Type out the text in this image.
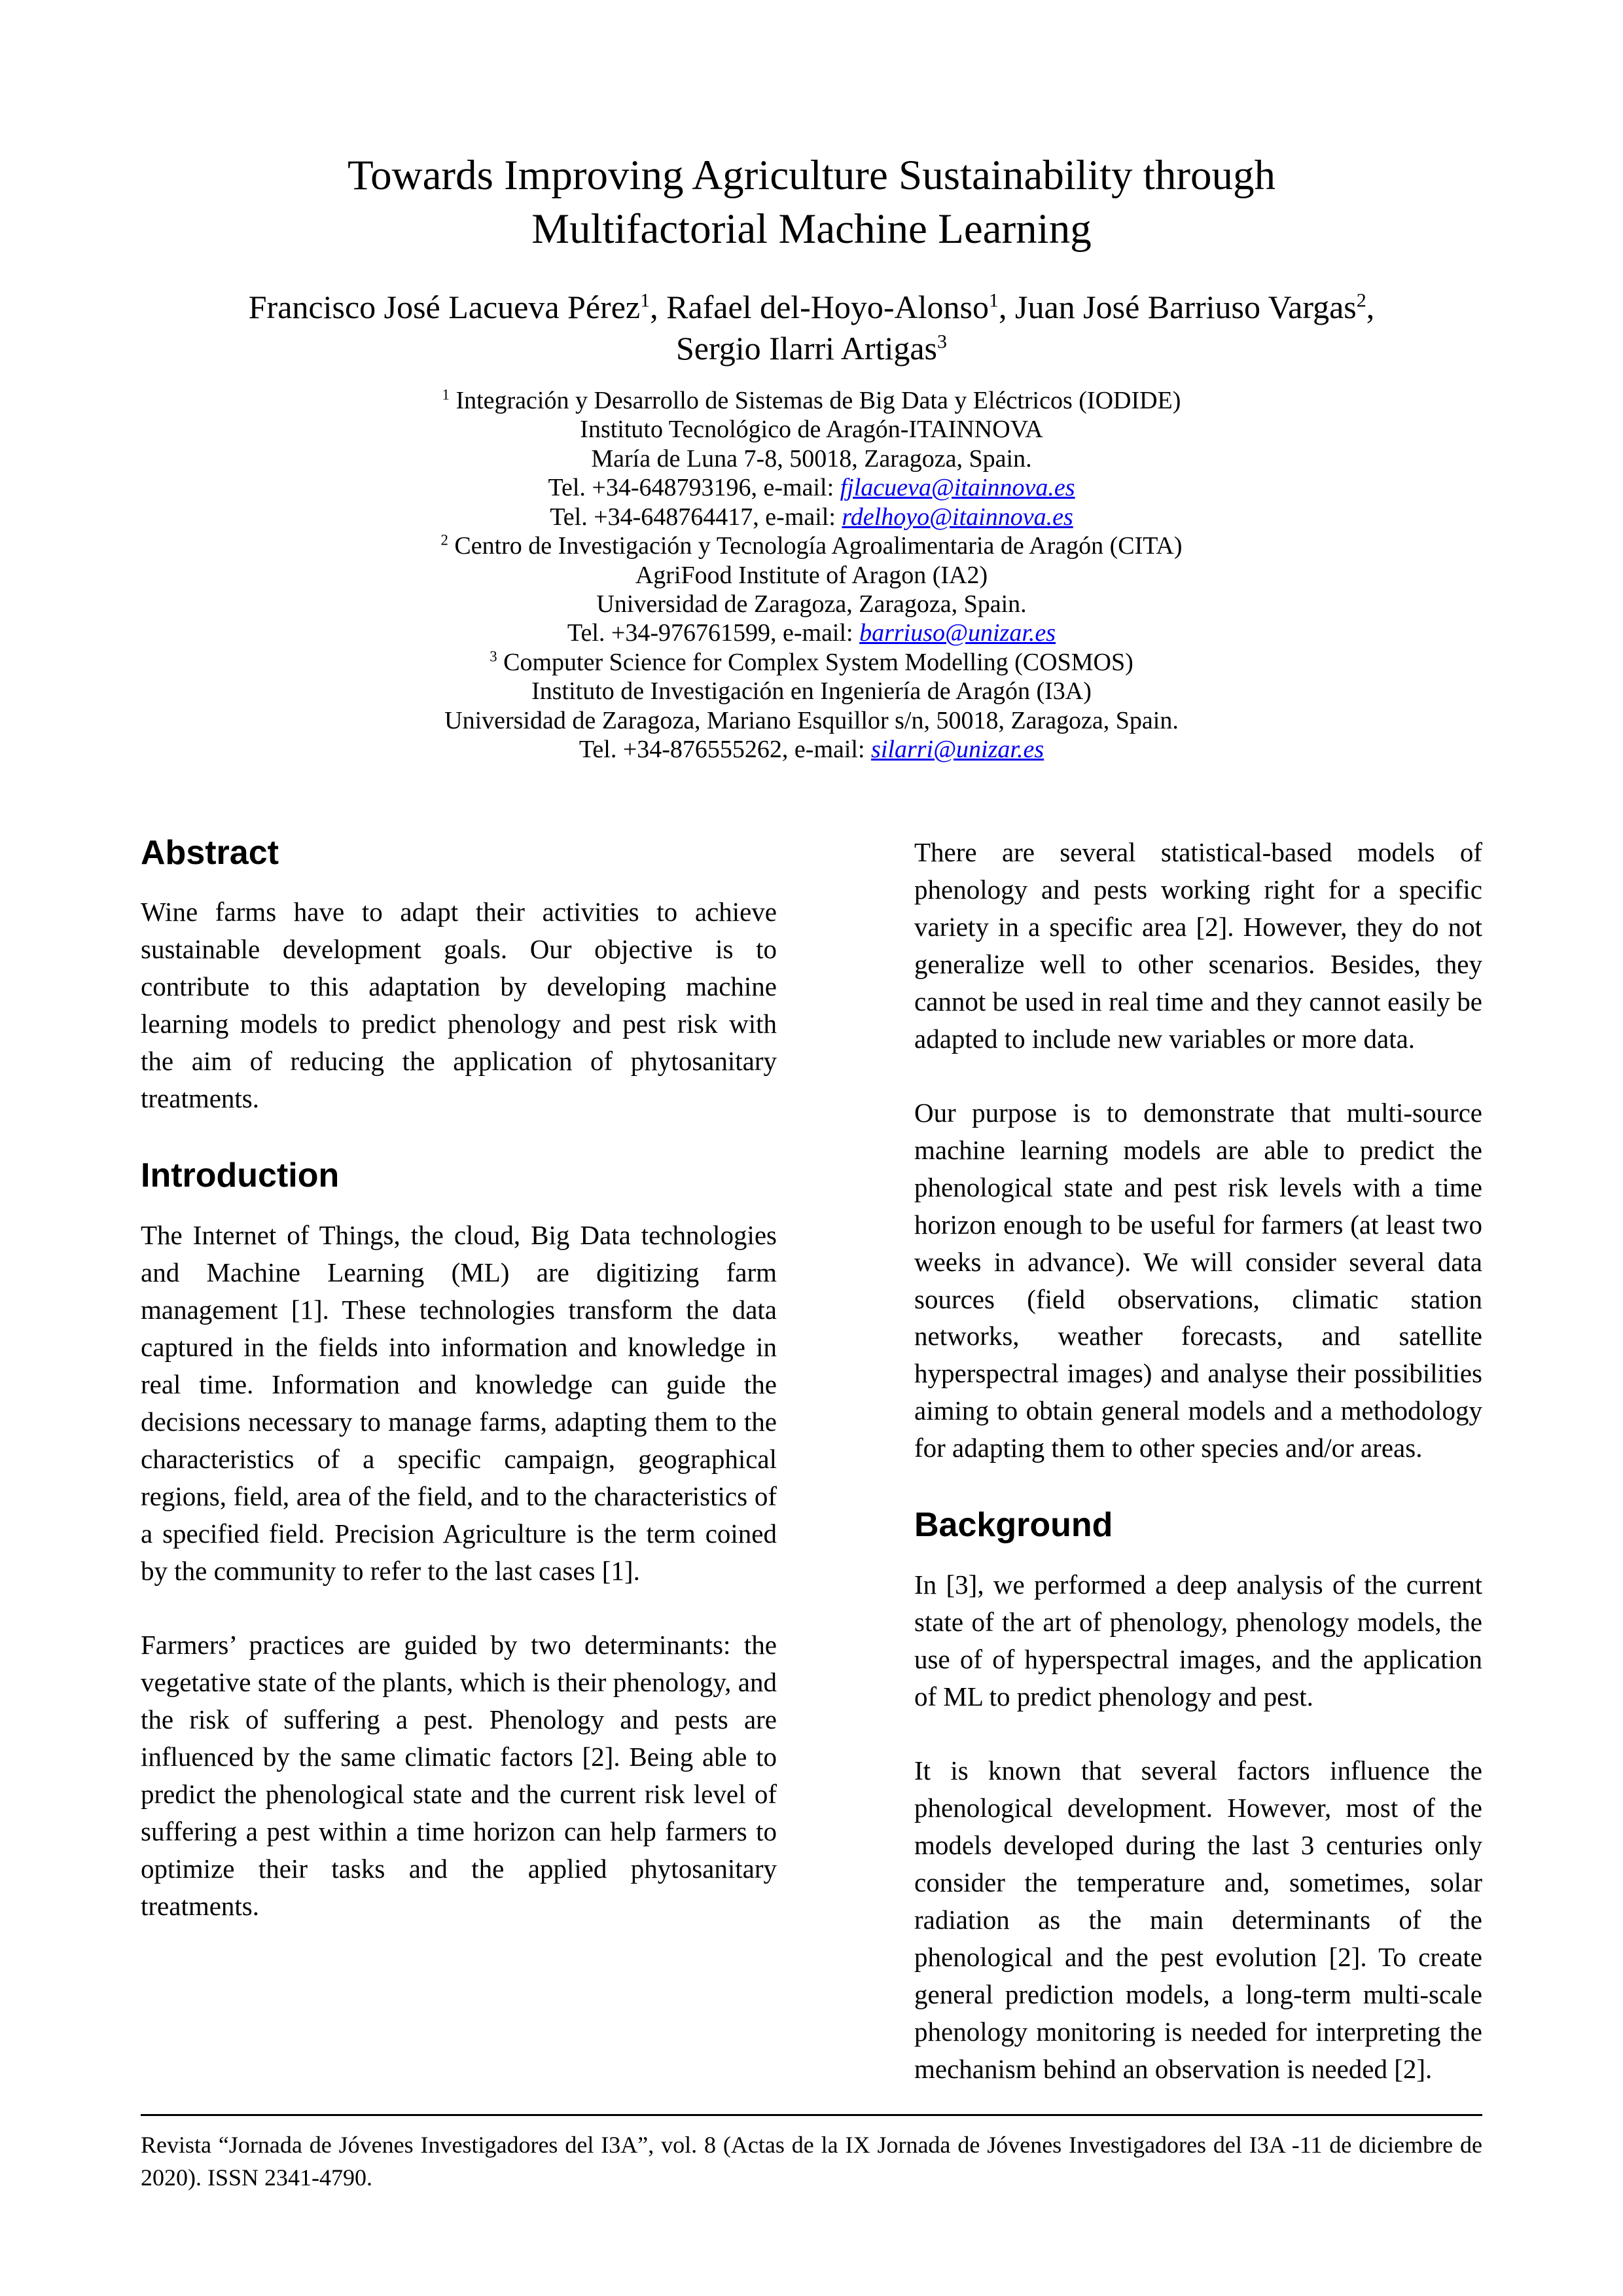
Towards Improving Agriculture Sustainability through
Multifactorial Machine Learning

Francisco José Lacueva Pérez$^1$, Rafael del-Hoyo-Alonso$^1$, Juan José Barriuso Vargas$^2$,
Sergio Ilarri Artigas$^3$

$^1$ Integración y Desarrollo de Sistemas de Big Data y Eléctricos (IODIDE)
Instituto Tecnológico de Aragón-ITAINNOVA
María de Luna 7-8, 50018, Zaragoza, Spain.
Tel. +34-648793196, e-mail: fjlacueva@itainnova.es
Tel. +34-648764417, e-mail: rdelhoyo@itainnova.es
$^2$ Centro de Investigación y Tecnología Agroalimentaria de Aragón (CITA)
AgriFood Institute of Aragon (IA2)
Universidad de Zaragoza, Zaragoza, Spain.
Tel. +34-976761599, e-mail: barriuso@unizar.es
$^3$ Computer Science for Complex System Modelling (COSMOS)
Instituto de Investigación en Ingeniería de Aragón (I3A)
Universidad de Zaragoza, Mariano Esquillor s/n, 50018, Zaragoza, Spain.
Tel. +34-876555262, e-mail: silarri@unizar.es
Abstract

Wine farms have to adapt their activities to achieve sustainable development goals. Our objective is to contribute to this adaptation by developing machine learning models to predict phenology and pest risk with the aim of reducing the application of phytosanitary treatments.

Introduction

The Internet of Things, the cloud, Big Data technologies and Machine Learning (ML) are digitizing farm management [1]. These technologies transform the data captured in the fields into information and knowledge in real time. Information and knowledge can guide the decisions necessary to manage farms, adapting them to the characteristics of a specific campaign, geographical regions, field, area of the field, and to the characteristics of a specified field. Precision Agriculture is the term coined by the community to refer to the last cases [1].

Farmers’ practices are guided by two determinants: the vegetative state of the plants, which is their phenology, and the risk of suffering a pest. Phenology and pests are influenced by the same climatic factors [2]. Being able to predict the phenological state and the current risk level of suffering a pest within a time horizon can help farmers to optimize their tasks and the applied phytosanitary treatments.

There are several statistical-based models of phenology and pests working right for a specific variety in a specific area [2]. However, they do not generalize well to other scenarios. Besides, they cannot be used in real time and they cannot easily be adapted to include new variables or more data.

Our purpose is to demonstrate that multi-source machine learning models are able to predict the phenological state and pest risk levels with a time horizon enough to be useful for farmers (at least two weeks in advance). We will consider several data sources (field observations, climatic station networks, weather forecasts, and satellite hyperspectral images) and analyse their possibilities aiming to obtain general models and a methodology for adapting them to other species and/or areas.

Background

In [3], we performed a deep analysis of the current state of the art of phenology, phenology models, the use of of hyperspectral images, and the application of ML to predict phenology and pest.

It is known that several factors influence the phenological development. However, most of the models developed during the last 3 centuries only consider the temperature and, sometimes, solar radiation as the main determinants of the phenological and the pest evolution [2]. To create general prediction models, a long-term multi-scale phenology monitoring is needed for interpreting the mechanism behind an observation is needed [2].

Revista “Jornada de Jóvenes Investigadores del I3A”, vol. 8 (Actas de la IX Jornada de Jóvenes Investigadores del I3A -11 de diciembre de 2020). ISSN 2341-4790.
